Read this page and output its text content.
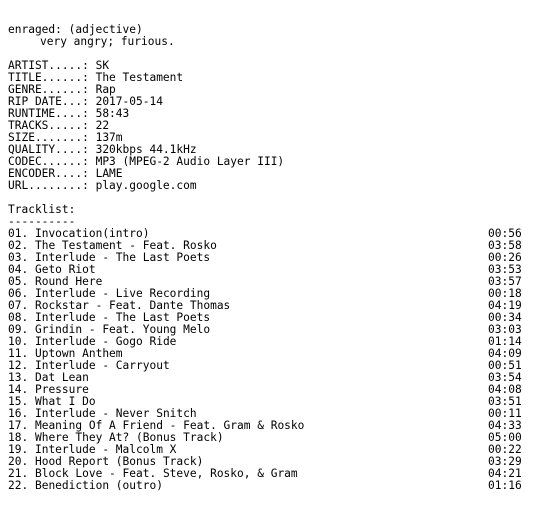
enraged: (adjective)
very angry; furious.
ARTIST.....: SK
TITLE......: The Testament
GENRE......: Rap
RIP DATE...: 2017-05-14
RUNTIME....: 58:43
TRACKS.....: 22
SIZE.......: 137m
QUALITY....: 320kbps 44.1kHz
CODEC......: MP3 (MPEG-2 Audio Layer III)
ENCODER....: LAME
URL........: play.google.com
Tracklist:
----------
01. Invocation(intro)	00:56
02. The Testament - Feat. Rosko	03:58
03. Interlude - The Last Poets	00:26
04. Geto Riot	03:53
05. Round Here	03:57
06. Interlude - Live Recording	00:18
07. Rockstar - Feat. Dante Thomas	04:19
08. Interlude - The Last Poets	00:34
09. Grindin - Feat. Young Melo	03:03
10. Interlude - Gogo Ride	01:14
11. Uptown Anthem	04:09
12. Interlude - Carryout	00:51
13. Dat Lean	03:54
14. Pressure	04:08
15. What I Do	03:51
16. Interlude - Never Snitch	00:11
17. Meaning Of A Friend - Feat. Gram & Rosko	04:33
18. Where They At? (Bonus Track)	05:00
19. Interlude - Malcolm X	00:22
20. Hood Report (Bonus Track)	03:29
21. Block Love - Feat. Steve, Rosko, & Gram	04:21
22. Benediction (outro)	01:16
